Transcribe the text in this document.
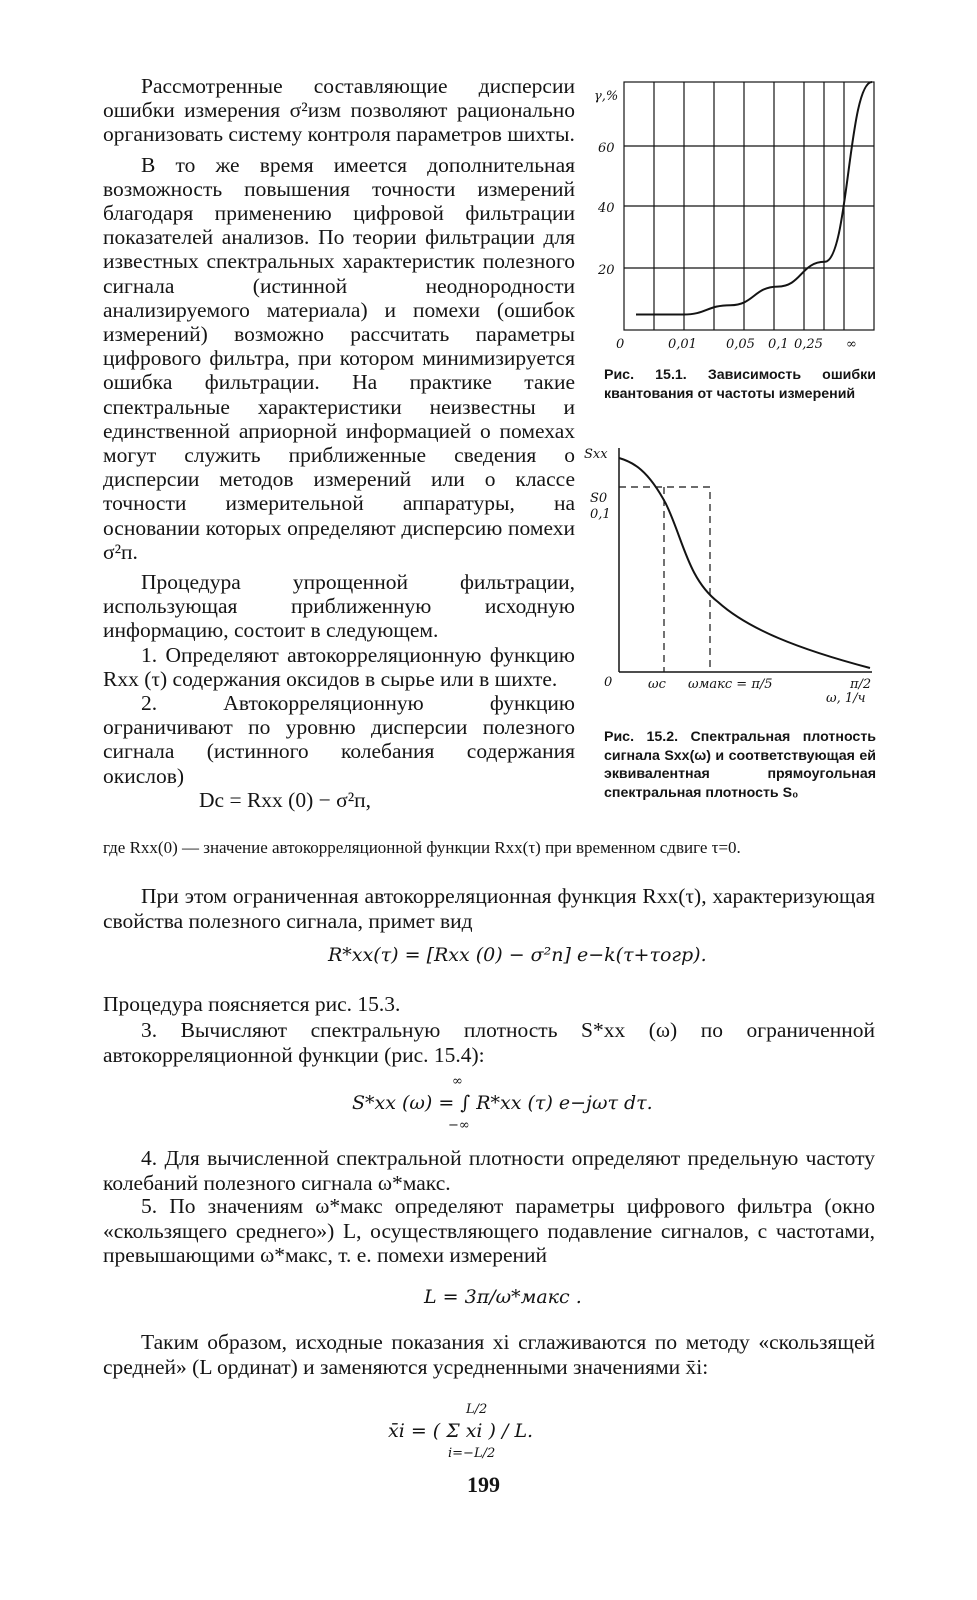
Рассмотренные составляющие дисперсии ошибки измерения σ²изм позволяют рационально организовать систему контроля параметров шихты.

В то же время имеется дополнительная возможность повышения точности измерений благодаря применению цифровой фильтрации показателей анализов. По теории фильтрации для известных спектральных характеристик полезного сигнала (истинной неоднородности анализируемого материала) и помехи (ошибок измерений) возможно рассчитать параметры цифрового фильтра, при котором минимизируется ошибка фильтрации. На практике такие спектральные характеристики неизвестны и единственной априорной информацией о помехах могут служить приближенные сведения о дисперсии методов измерений или о классе точности измерительной аппаратуры, на основании которых определяют дисперсию помехи σ²п.

Процедура упрощенной фильтрации, использующая приближенную исходную информацию, состоит в следующем.

1. Определяют автокорреляционную функцию Rxx (τ) содержания оксидов в сырье или в шихте.

2. Автокорреляционную функцию ограничивают по уровню дисперсии полезного сигнала (истинного колебания содержания окислов)

Dс = Rxx (0) − σ²п,

γ,%
60
40
20
0	0,01 0,05 0,1 0,25 ∞
Рис. 15.1. Зависимость ошибки квантования от частоты измерений
Sxx
S0
0,1
0	ωс ωмакс = π/5	π/2
ω, 1/ч
Рис. 15.2. Спектральная плотность сигнала Sxx(ω) и соответствующая ей эквивалентная прямоугольная спектральная плотность S₀
где Rxx(0) — значение автокорреляционной функции Rxx(τ) при временном сдвиге τ=0.

При этом ограниченная автокорреляционная функция Rxx(τ), характеризующая свойства полезного сигнала, примет вид

R*xx(τ) = [Rxx (0) − σ²п] e−k(τ+τогр).

Процедура поясняется рис. 15.3.

3. Вычисляют спектральную плотность S*xx (ω) по ограниченной автокорреляционной функции (рис. 15.4):

∞
S*xx (ω) = ∫ R*xx (τ) e−jωτ dτ.
−∞

4. Для вычисленной спектральной плотности определяют предельную частоту колебаний полезного сигнала ω*макс.

5. По значениям ω*макс определяют параметры цифрового фильтра (окно «скользящего среднего») L, осуществляющего подавление сигналов, с частотами, превышающими ω*макс, т. е. помехи измерений

L = 3π/ω*макс .

Таким образом, исходные показания xi сглаживаются по методу «скользящей средней» (L ординат) и заменяются усредненными значениями x̄i:

L/2
x̄i = ( Σ xi ) / L.
i=−L/2
199
